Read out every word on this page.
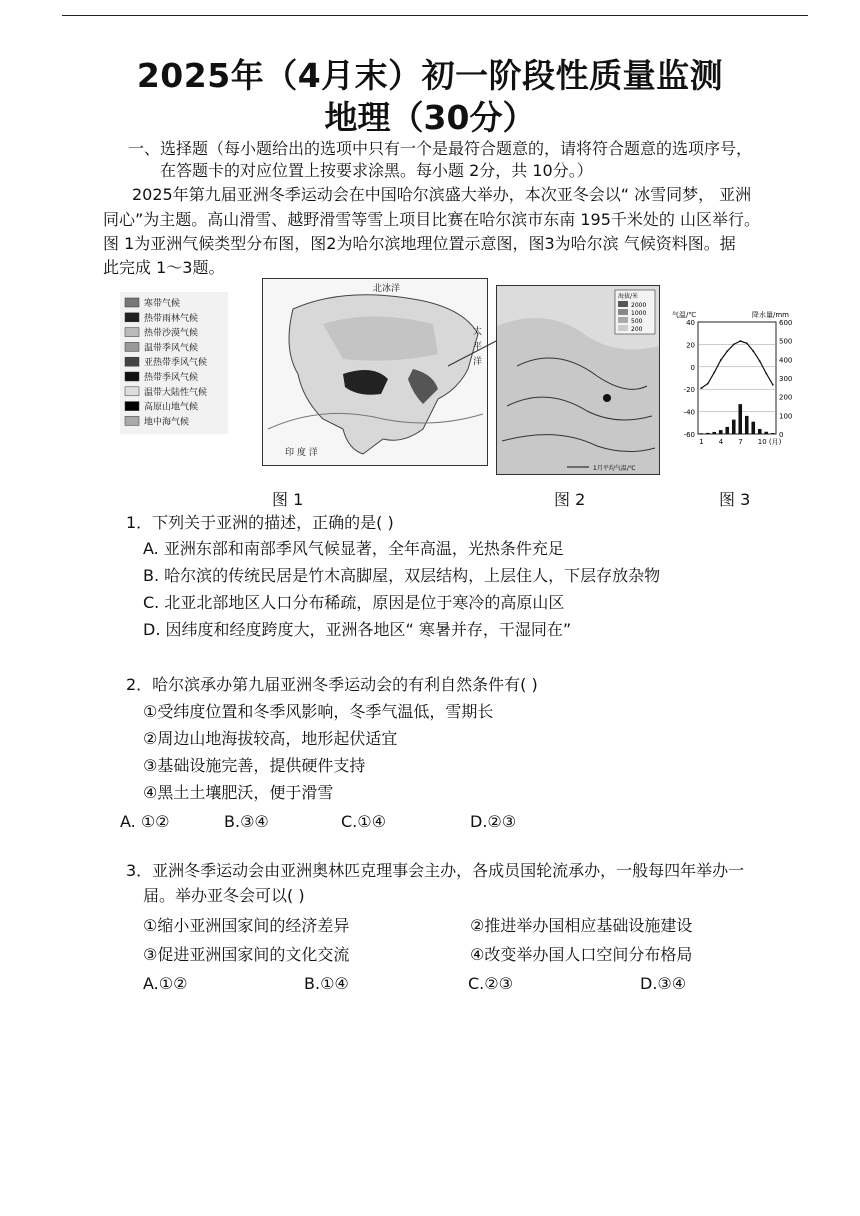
2025年（4月末）初一阶段性质量监测
地理（30分）
一、选择题（每小题给出的选项中只有一个是最符合题意的，请将符合题意的选项序号，
在答题卡的对应位置上按要求涂黑。每小题 2分，共 10分。）
2025年第九届亚洲冬季运动会在中国哈尔滨盛大举办，本次亚冬会以“ 冰雪同梦， 亚洲
同心”为主题。高山滑雪、越野滑雪等雪上项目比赛在哈尔滨市东南 195千米处的 山区举行。
图 1为亚洲气候类型分布图，图2为哈尔滨地理位置示意图，图3为哈尔滨 气候资料图。据
此完成 1～3题。
寒带气候
热带雨林气候
热带沙漠气候
温带季风气候
亚热带季风气候
热带季风气候
温带大陆性气候
高原山地气候
地中海气候
北冰洋
太
平
洋
印 度 洋
海拔/米
2000
1000
500
200
1月平均气温/℃
气温/℃	降水量/mm
40
20
0
-20
-40
-60
600
500
400
300
200
100
0
1 4 7 10 (月)
图 1	图 2	图 3
1．下列关于亚洲的描述，正确的是( )
A. 亚洲东部和南部季风气候显著，全年高温，光热条件充足
B. 哈尔滨的传统民居是竹木高脚屋，双层结构，上层住人，下层存放杂物
C. 北亚北部地区人口分布稀疏，原因是位于寒冷的高原山区
D. 因纬度和经度跨度大，亚洲各地区“ 寒暑并存，干湿同在”
2．哈尔滨承办第九届亚洲冬季运动会的有利自然条件有( )
①受纬度位置和冬季风影响，冬季气温低，雪期长
②周边山地海拔较高，地形起伏适宜
③基础设施完善，提供硬件支持
④黑土土壤肥沃，便于滑雪
A. ①②	B.③④	C.①④	D.②③
3．亚洲冬季运动会由亚洲奥林匹克理事会主办，各成员国轮流承办，一般每四年举办一
届。举办亚冬会可以( )
①缩小亚洲国家间的经济差异	②推进举办国相应基础设施建设
③促进亚洲国家间的文化交流	④改变举办国人口空间分布格局
A.①②	B.①④	C.②③	D.③④
